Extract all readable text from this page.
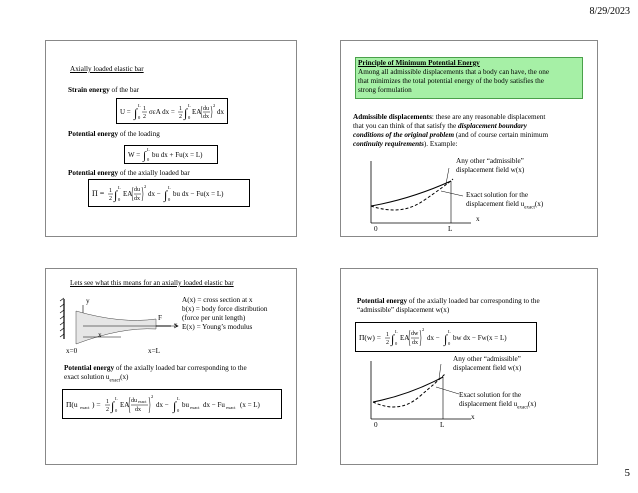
8/29/2023
Axially loaded elastic bar
Strain energy of the bar
U = ∫
L
0
1
2
σεA dx = 1
2 ∫
L
0
EA du
dx
2
dx
Potential energy of the loading
W = ∫
L
0
bu dx + Fu(x = L)
Potential energy of the axially loaded bar
Π = 1
2 ∫
L
0
EA du
dx
2
dx − ∫
L
0
bu dx − Fu(x = L)
Principle of Minimum Potential Energy
Among all admissible displacements that a body can have, the one
that minimizes the total potential energy of the body satisfies the
strong formulation
Admissible displacements: these are any reasonable displacement
that you can think of that satisfy the displacement boundary
conditions of the original problem (and of course certain minimum
continuity requirements). Example:
Any other “admissible”
displacement field w(x)
Exact solution for the
displacement field $u_{exact}(x)$
x
0	L
Lets see what this means for an axially loaded elastic bar
y
x
x
F
x=0	x=L
A(x) = cross section at x
b(x) = body force distribution
(force per unit length)
E(x) = Young’s modulus
Potential energy of the axially loaded bar corresponding to the
exact solution $u_{exact}(x)$
Π(u exact ) = 1
2 ∫
L
0
EA du exact
dx
2
dx − ∫
L
0
bu exact dx − Fu exact (x = L)
Potential energy of the axially loaded bar corresponding to the
“admissible” displacement w(x)
Π(w) = 1
2 ∫
L
0
EA dw
dx
2
dx − ∫
L
0
bw dx − Fw(x = L)
Any other “admissible”
displacement field w(x)
Exact solution for the
displacement field $u_{exact}(x)$
x
0	L
5
